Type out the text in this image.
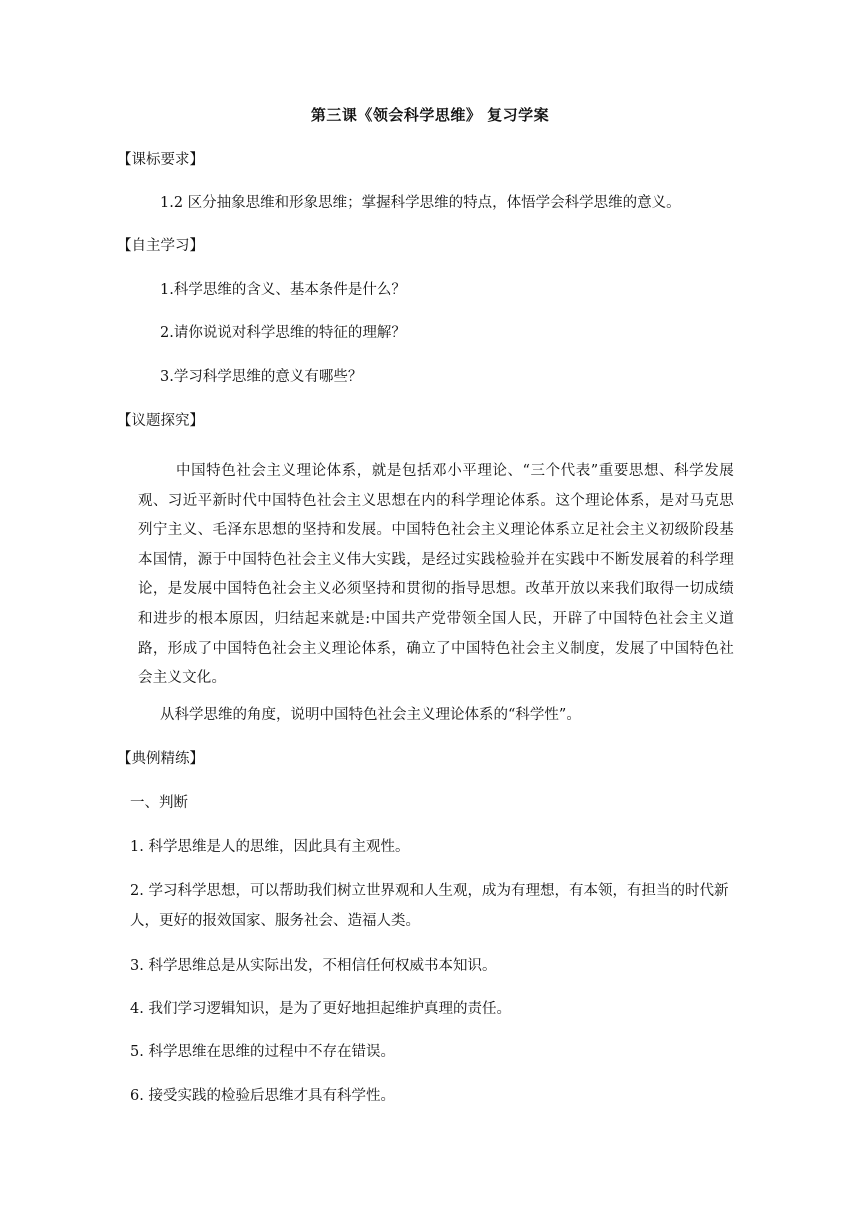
第三课《领会科学思维》 复习学案
【课标要求】
1.2 区分抽象思维和形象思维；掌握科学思维的特点，体悟学会科学思维的意义。
【自主学习】
1.科学思维的含义、基本条件是什么？
2.请你说说对科学思维的特征的理解？
3.学习科学思维的意义有哪些？
【议题探究】
中国特色社会主义理论体系，就是包括邓小平理论、“三个代表”重要思想、科学发展观、习近平新时代中国特色社会主义思想在内的科学理论体系。这个理论体系，是对马克思列宁主义、毛泽东思想的坚持和发展。中国特色社会主义理论体系立足社会主义初级阶段基本国情，源于中国特色社会主义伟大实践，是经过实践检验并在实践中不断发展着的科学理论，是发展中国特色社会主义必须坚持和贯彻的指导思想。改革开放以来我们取得一切成绩和进步的根本原因，归结起来就是:中国共产党带领全国人民，开辟了中国特色社会主义道路，形成了中国特色社会主义理论体系，确立了中国特色社会主义制度，发展了中国特色社会主义文化。
从科学思维的角度，说明中国特色社会主义理论体系的“科学性”。
【典例精练】
一、判断
1. 科学思维是人的思维，因此具有主观性。
2. 学习科学思想，可以帮助我们树立世界观和人生观，成为有理想，有本领，有担当的时代新人，更好的报效国家、服务社会、造福人类。
3. 科学思维总是从实际出发，不相信任何权威书本知识。
4. 我们学习逻辑知识，是为了更好地担起维护真理的责任。
5. 科学思维在思维的过程中不存在错误。
6. 接受实践的检验后思维才具有科学性。
